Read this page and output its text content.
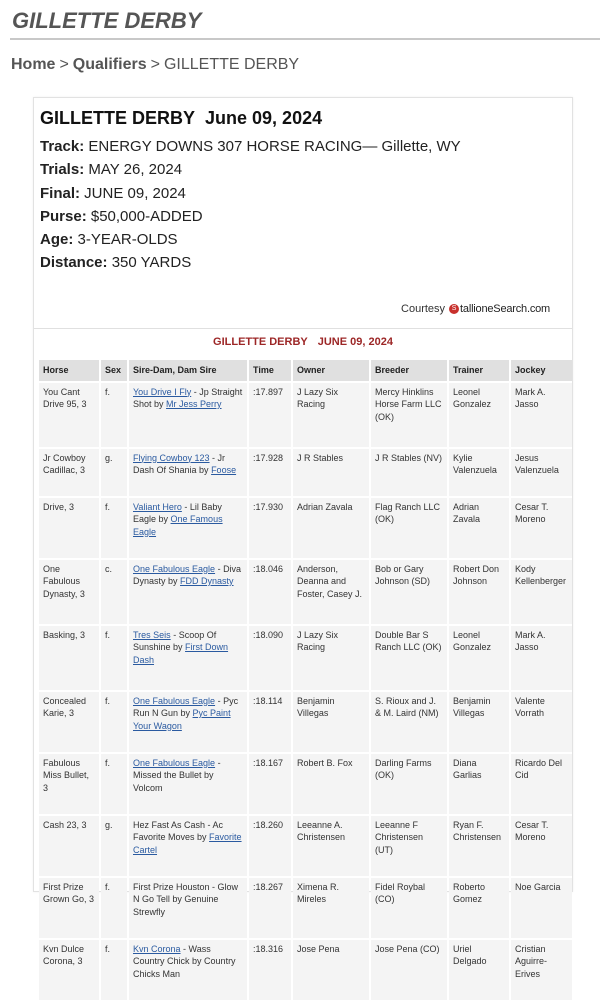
GILLETTE DERBY
Home > Qualifiers > GILLETTE DERBY
GILLETTE DERBY June 09, 2024
Track: ENERGY DOWNS 307 HORSE RACING— Gillette, WY
Trials: MAY 26, 2024
Final: JUNE 09, 2024
Purse: $50,000-ADDED
Age: 3-YEAR-OLDS
Distance: 350 YARDS
Courtesy S tallioneSearch.com
GILLETTE DERBY JUNE 09, 2024
Horse	Sex	Sire-Dam, Dam Sire	Time	Owner	Breeder	Trainer	Jockey
You Cant Drive 95, 3	f.	You Drive I Fly - Jp Straight Shot by Mr Jess Perry	:17.897	J Lazy Six Racing	Mercy Hinklins Horse Farm LLC (OK)	Leonel Gonzalez	Mark A. Jasso
Jr Cowboy Cadillac, 3	g.	Flying Cowboy 123 - Jr Dash Of Shania by Foose	:17.928	J R Stables	J R Stables (NV)	Kylie Valenzuela	Jesus Valenzuela
Drive, 3	f.	Valiant Hero - Lil Baby Eagle by One Famous Eagle	:17.930	Adrian Zavala	Flag Ranch LLC (OK)	Adrian Zavala	Cesar T. Moreno
One Fabulous Dynasty, 3	c.	One Fabulous Eagle - Diva Dynasty by FDD Dynasty	:18.046	Anderson, Deanna and Foster, Casey J.	Bob or Gary Johnson (SD)	Robert Don Johnson	Kody Kellenberger
Basking, 3	f.	Tres Seis - Scoop Of Sunshine by First Down Dash	:18.090	J Lazy Six Racing	Double Bar S Ranch LLC (OK)	Leonel Gonzalez	Mark A. Jasso
Concealed Karie, 3	f.	One Fabulous Eagle - Pyc Run N Gun by Pyc Paint Your Wagon	:18.114	Benjamin Villegas	S. Rioux and J. & M. Laird (NM)	Benjamin Villegas	Valente Vorrath
Fabulous Miss Bullet, 3	f.	One Fabulous Eagle - Missed the Bullet by Volcom	:18.167	Robert B. Fox	Darling Farms (OK)	Diana Garlias	Ricardo Del Cid
Cash 23, 3	g.	Hez Fast As Cash - Ac Favorite Moves by Favorite Cartel	:18.260	Leeanne A. Christensen	Leeanne F Christensen (UT)	Ryan F. Christensen	Cesar T. Moreno
First Prize Grown Go, 3	f.	First Prize Houston - Glow N Go Tell by Genuine Strewfly	:18.267	Ximena R. Mireles	Fidel Roybal (CO)	Roberto Gomez	Noe Garcia
Kvn Dulce Corona, 3	f.	Kvn Corona - Wass Country Chick by Country Chicks Man	:18.316	Jose Pena	Jose Pena (CO)	Uriel Delgado	Cristian Aguirre-Erives
